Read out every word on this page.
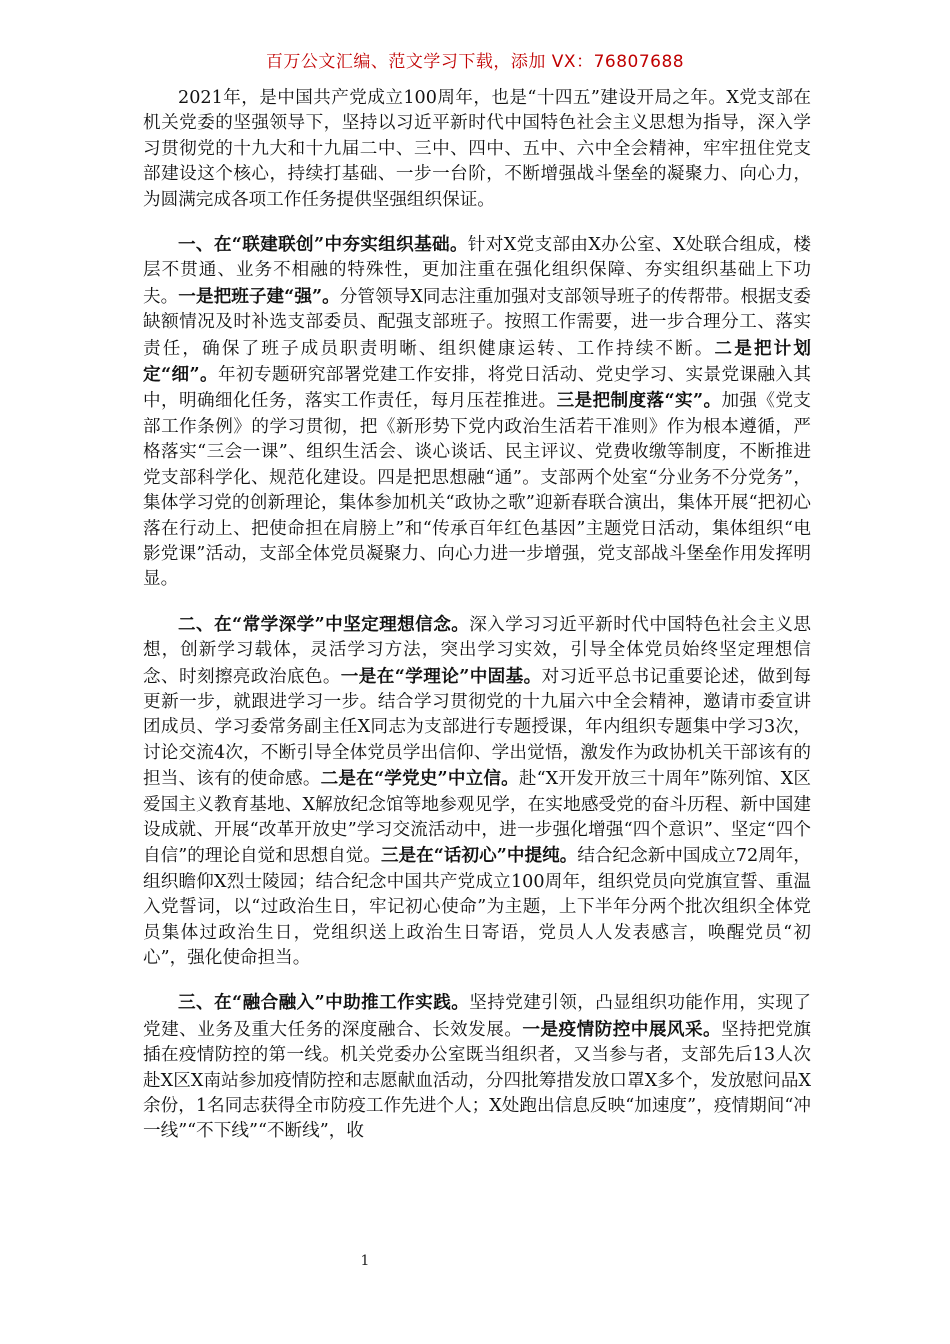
百万公文汇编、范文学习下载，添加 VX：76807688

2021年，是中国共产党成立100周年，也是“十四五”建设开局之年。X党支部在机关党委的坚强领导下，坚持以习近平新时代中国特色社会主义思想为指导，深入学习贯彻党的十九大和十九届二中、三中、四中、五中、六中全会精神，牢牢扭住党支部建设这个核心，持续打基础、一步一台阶，不断增强战斗堡垒的凝聚力、向心力，为圆满完成各项工作任务提供坚强组织保证。

一、在“联建联创”中夯实组织基础。针对X党支部由X办公室、X处联合组成，楼层不贯通、业务不相融的特殊性，更加注重在强化组织保障、夯实组织基础上下功夫。一是把班子建“强”。分管领导X同志注重加强对支部领导班子的传帮带。根据支委缺额情况及时补选支部委员、配强支部班子。按照工作需要，进一步合理分工、落实责任，确保了班子成员职责明晰、组织健康运转、工作持续不断。二是把计划定“细”。年初专题研究部署党建工作安排，将党日活动、党史学习、实景党课融入其中，明确细化任务，落实工作责任，每月压茬推进。三是把制度落“实”。加强《党支部工作条例》的学习贯彻，把《新形势下党内政治生活若干准则》作为根本遵循，严格落实“三会一课”、组织生活会、谈心谈话、民主评议、党费收缴等制度，不断推进党支部科学化、规范化建设。四是把思想融“通”。支部两个处室“分业务不分党务”，集体学习党的创新理论，集体参加机关“政协之歌”迎新春联合演出，集体开展“把初心落在行动上、把使命担在肩膀上”和“传承百年红色基因”主题党日活动，集体组织“电影党课”活动，支部全体党员凝聚力、向心力进一步增强，党支部战斗堡垒作用发挥明显。

二、在“常学深学”中坚定理想信念。深入学习习近平新时代中国特色社会主义思想，创新学习载体，灵活学习方法，突出学习实效，引导全体党员始终坚定理想信念、时刻擦亮政治底色。一是在“学理论”中固基。对习近平总书记重要论述，做到每更新一步，就跟进学习一步。结合学习贯彻党的十九届六中全会精神，邀请市委宣讲团成员、学习委常务副主任X同志为支部进行专题授课，年内组织专题集中学习3次，讨论交流4次，不断引导全体党员学出信仰、学出觉悟，激发作为政协机关干部该有的担当、该有的使命感。二是在“学党史”中立信。赴“X开发开放三十周年”陈列馆、X区爱国主义教育基地、X解放纪念馆等地参观见学，在实地感受党的奋斗历程、新中国建设成就、开展“改革开放史”学习交流活动中，进一步强化增强“四个意识”、坚定“四个自信”的理论自觉和思想自觉。三是在“话初心”中提纯。结合纪念新中国成立72周年，组织瞻仰X烈士陵园；结合纪念中国共产党成立100周年，组织党员向党旗宣誓、重温入党誓词，以“过政治生日，牢记初心使命”为主题，上下半年分两个批次组织全体党员集体过政治生日，党组织送上政治生日寄语，党员人人发表感言，唤醒党员“初心”，强化使命担当。

三、在“融合融入”中助推工作实践。坚持党建引领，凸显组织功能作用，实现了党建、业务及重大任务的深度融合、长效发展。一是疫情防控中展风采。坚持把党旗插在疫情防控的第一线。机关党委办公室既当组织者，又当参与者，支部先后13人次赴X区X南站参加疫情防控和志愿献血活动，分四批筹措发放口罩X多个，发放慰问品X余份，1名同志获得全市防疫工作先进个人；X处跑出信息反映“加速度”，疫情期间“冲一线”“不下线”“不断线”，收

1
